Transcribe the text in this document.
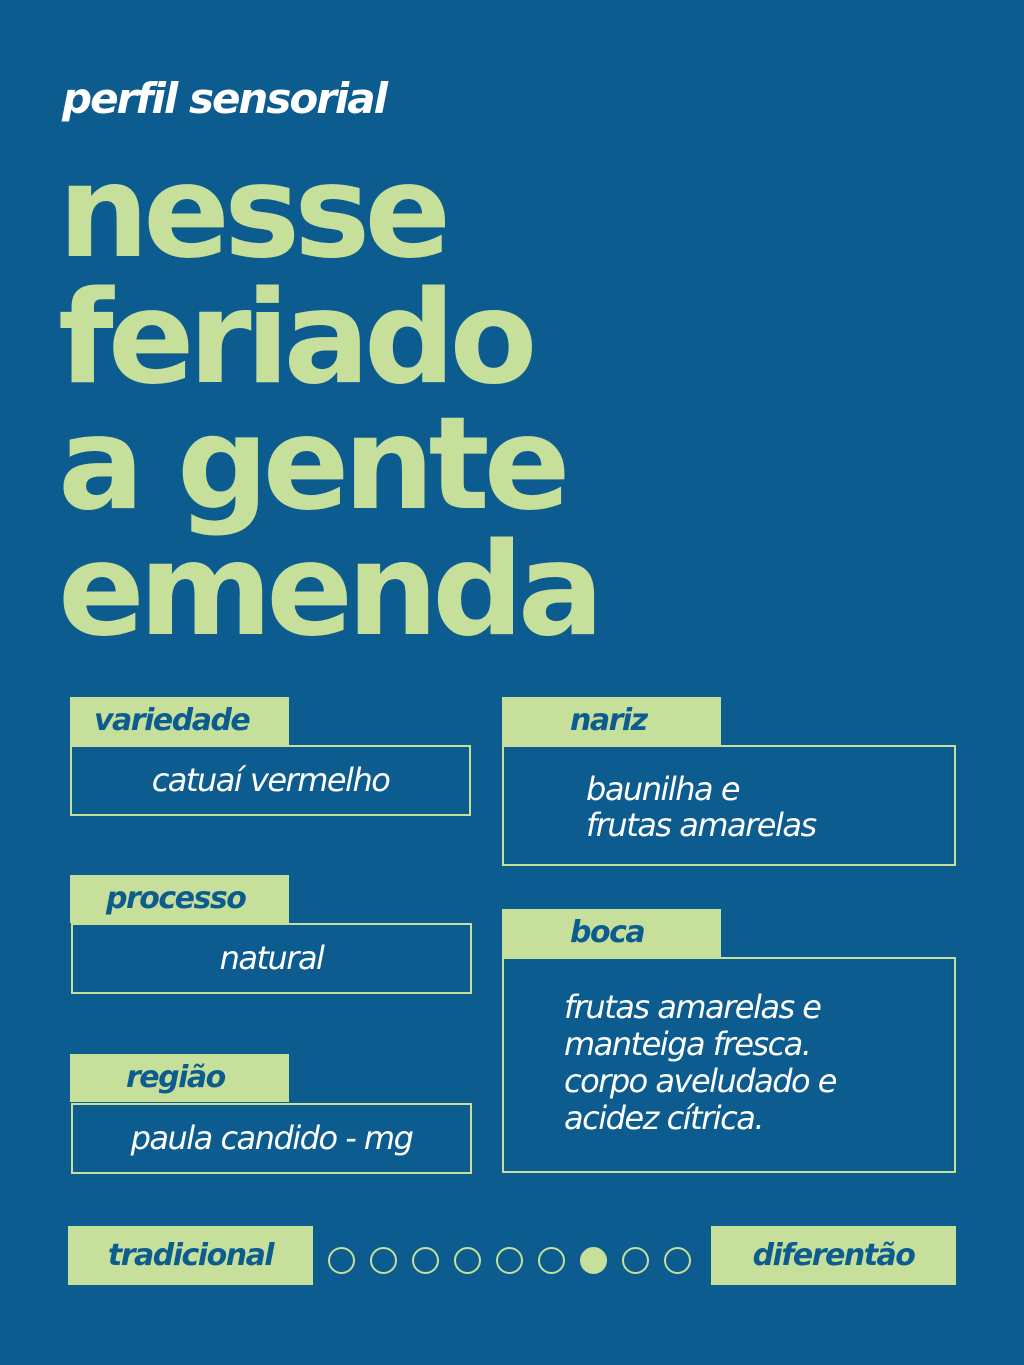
perfil sensorial
nesse
feriado
a gente
emenda
catuaí vermelho
variedade
natural
processo
paula candido - mg
região
baunilha e
frutas amarelas
nariz
frutas amarelas e
manteiga fresca.
corpo aveludado e
acidez cítrica.
boca
tradicional	diferentão
